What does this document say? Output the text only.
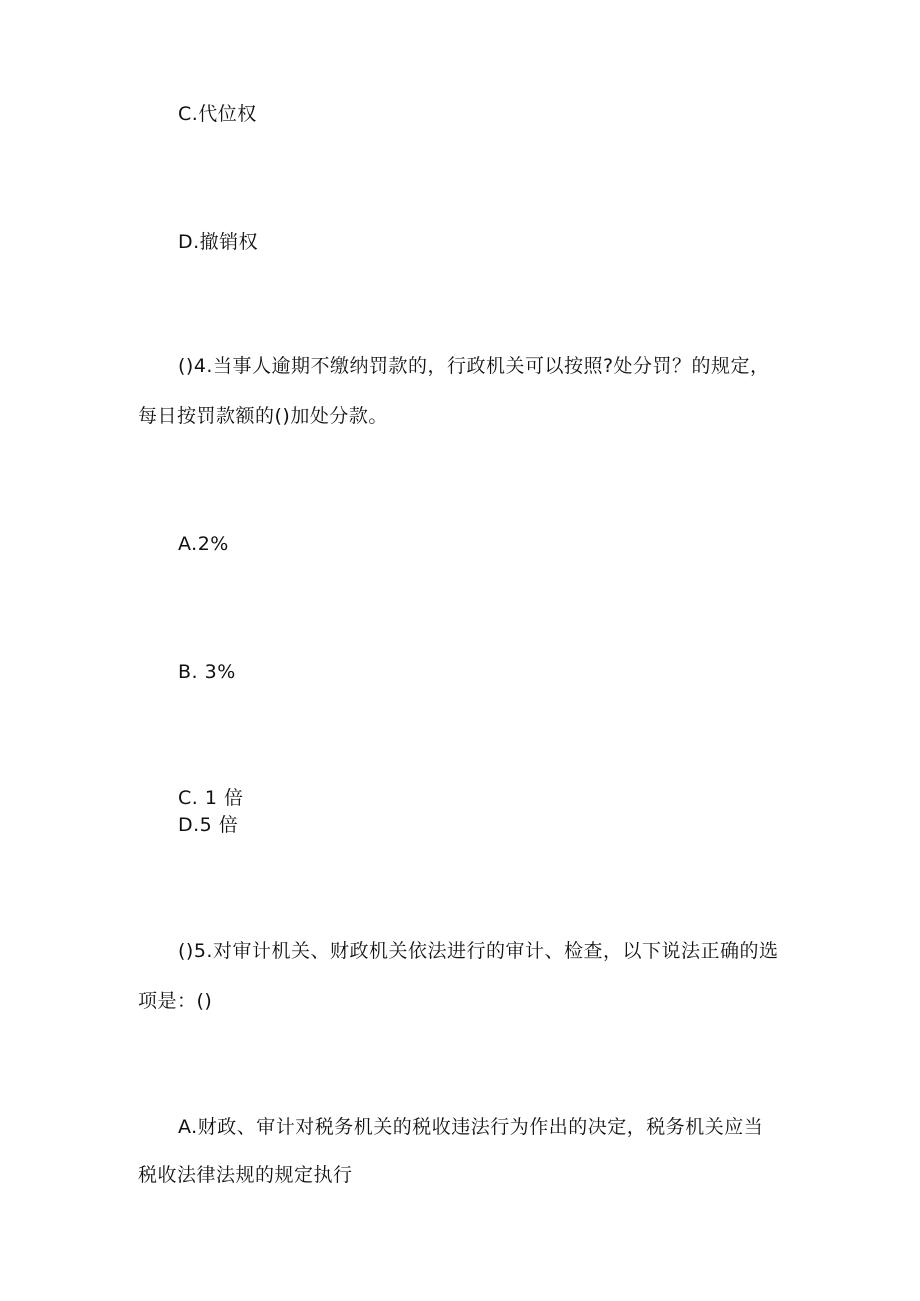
C.代位权
D.撤销权
()4.当事人逾期不缴纳罚款的，行政机关可以按照?处分罚？的规定，
每日按罚款额的()加处分款。
A.2%
B. 3%
C. 1 倍
D.5 倍
()5.对审计机关、财政机关依法进行的审计、检查，以下说法正确的选
项是：()
A.财政、审计对税务机关的税收违法行为作出的决定，税务机关应当
税收法律法规的规定执行
